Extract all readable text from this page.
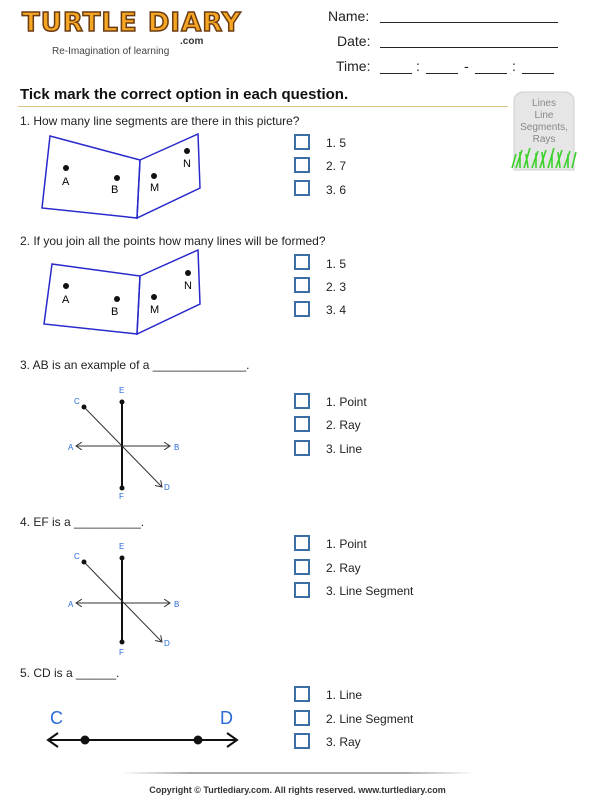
TURTLE DIARY
.com
Re-Imagination of learning
Name:
Date:
Time:	:	-	:
Tick mark the correct option in each question.
Lines
Line
Segments,
Rays
1. How many line segments are there in this picture?
A
B	M
N
1. 5
2. 7
3. 6
2. If you join all the points how many lines will be formed?
A
B	M
N
1. 5
2. 3
3. 4
3. AB is an example of a ______________.
A	B
C
D
E
F
1. Point
2. Ray
3. Line
4. EF is a __________.
A	B
C
D
E
F
1. Point
2. Ray
3. Line Segment
5. CD is a ______.
C	D
1. Line
2. Line Segment
3. Ray
Copyright © Turtlediary.com. All rights reserved. www.turtlediary.com
